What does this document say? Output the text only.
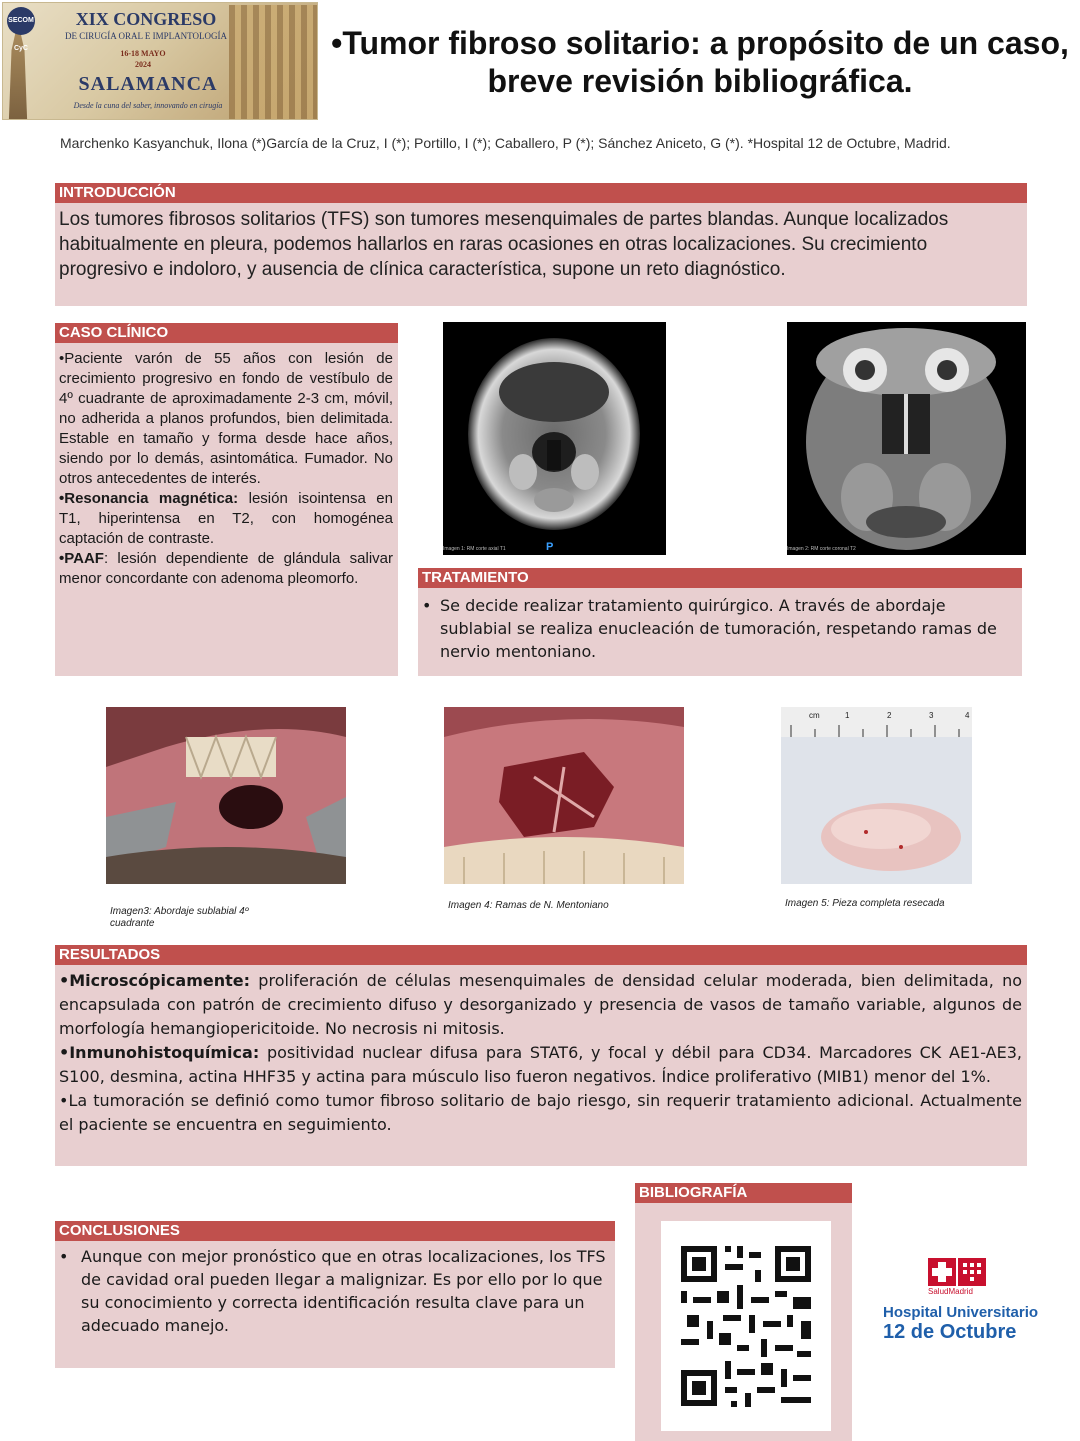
SECOM CyC
XIX CONGRESO
DE CIRUGÍA ORAL E IMPLANTOLOGÍA
16-18 MAYO
2024
SALAMANCA
Desde la cuna del saber, innovando en cirugía
•Tumor fibroso solitario: a propósito de un caso, breve revisión bibliográfica.
Marchenko Kasyanchuk, Ilona (*)García de la Cruz, I (*); Portillo, I (*); Caballero, P (*); Sánchez Aniceto, G (*). *Hospital 12 de Octubre, Madrid.
INTRODUCCIÓN
Los tumores fibrosos solitarios (TFS) son tumores mesenquimales de partes blandas. Aunque localizados habitualmente en pleura, podemos hallarlos en raras ocasiones en otras localizaciones. Su crecimiento progresivo e indoloro, y ausencia de clínica característica, supone un reto diagnóstico.
CASO CLÍNICO

•Paciente varón de 55 años con lesión de crecimiento progresivo en fondo de vestíbulo de 4º cuadrante de aproximadamente 2-3 cm, móvil, no adherida a planos profundos, bien delimitada. Estable en tamaño y forma desde hace años, siendo por lo demás, asintomática. Fumador. No otros antecedentes de interés.

•Resonancia magnética: lesión isointensa en T1, hiperintensa en T2, con homogénea captación de contraste.

•PAAF: lesión dependiente de glándula salivar menor concordante con adenoma pleomorfo.

Imagen 1: RM corte axial T1	P	Imagen 2: RM corte coronal T2
TRATAMIENTO
• Se decide realizar tratamiento quirúrgico. A través de abordaje sublabial se realiza enucleación de tumoración, respetando ramas de nervio mentoniano.
cm	1	2	3	4
Imagen3: Abordaje sublabial 4º cuadrante
Imagen 4: Ramas de N. Mentoniano	Imagen 5: Pieza completa resecada
RESULTADOS

•Microscópicamente: proliferación de células mesenquimales de densidad celular moderada, bien delimitada, no encapsulada con patrón de crecimiento difuso y desorganizado y presencia de vasos de tamaño variable, algunos de morfología hemangiopericitoide. No necrosis ni mitosis.

•Inmunohistoquímica: positividad nuclear difusa para STAT6, y focal y débil para CD34. Marcadores CK AE1-AE3, S100, desmina, actina HHF35 y actina para músculo liso fueron negativos. Índice proliferativo (MIB1) menor del 1%.

•La tumoración se definió como tumor fibroso solitario de bajo riesgo, sin requerir tratamiento adicional. Actualmente el paciente se encuentra en seguimiento.

BIBLIOGRAFÍA
CONCLUSIONES
• Aunque con mejor pronóstico que en otras localizaciones, los TFS de cavidad oral pueden llegar a malignizar. Es por ello por lo que su conocimiento y correcta identificación resulta clave para un adecuado manejo.
SaludMadrid
Hospital Universitario
12 de Octubre
